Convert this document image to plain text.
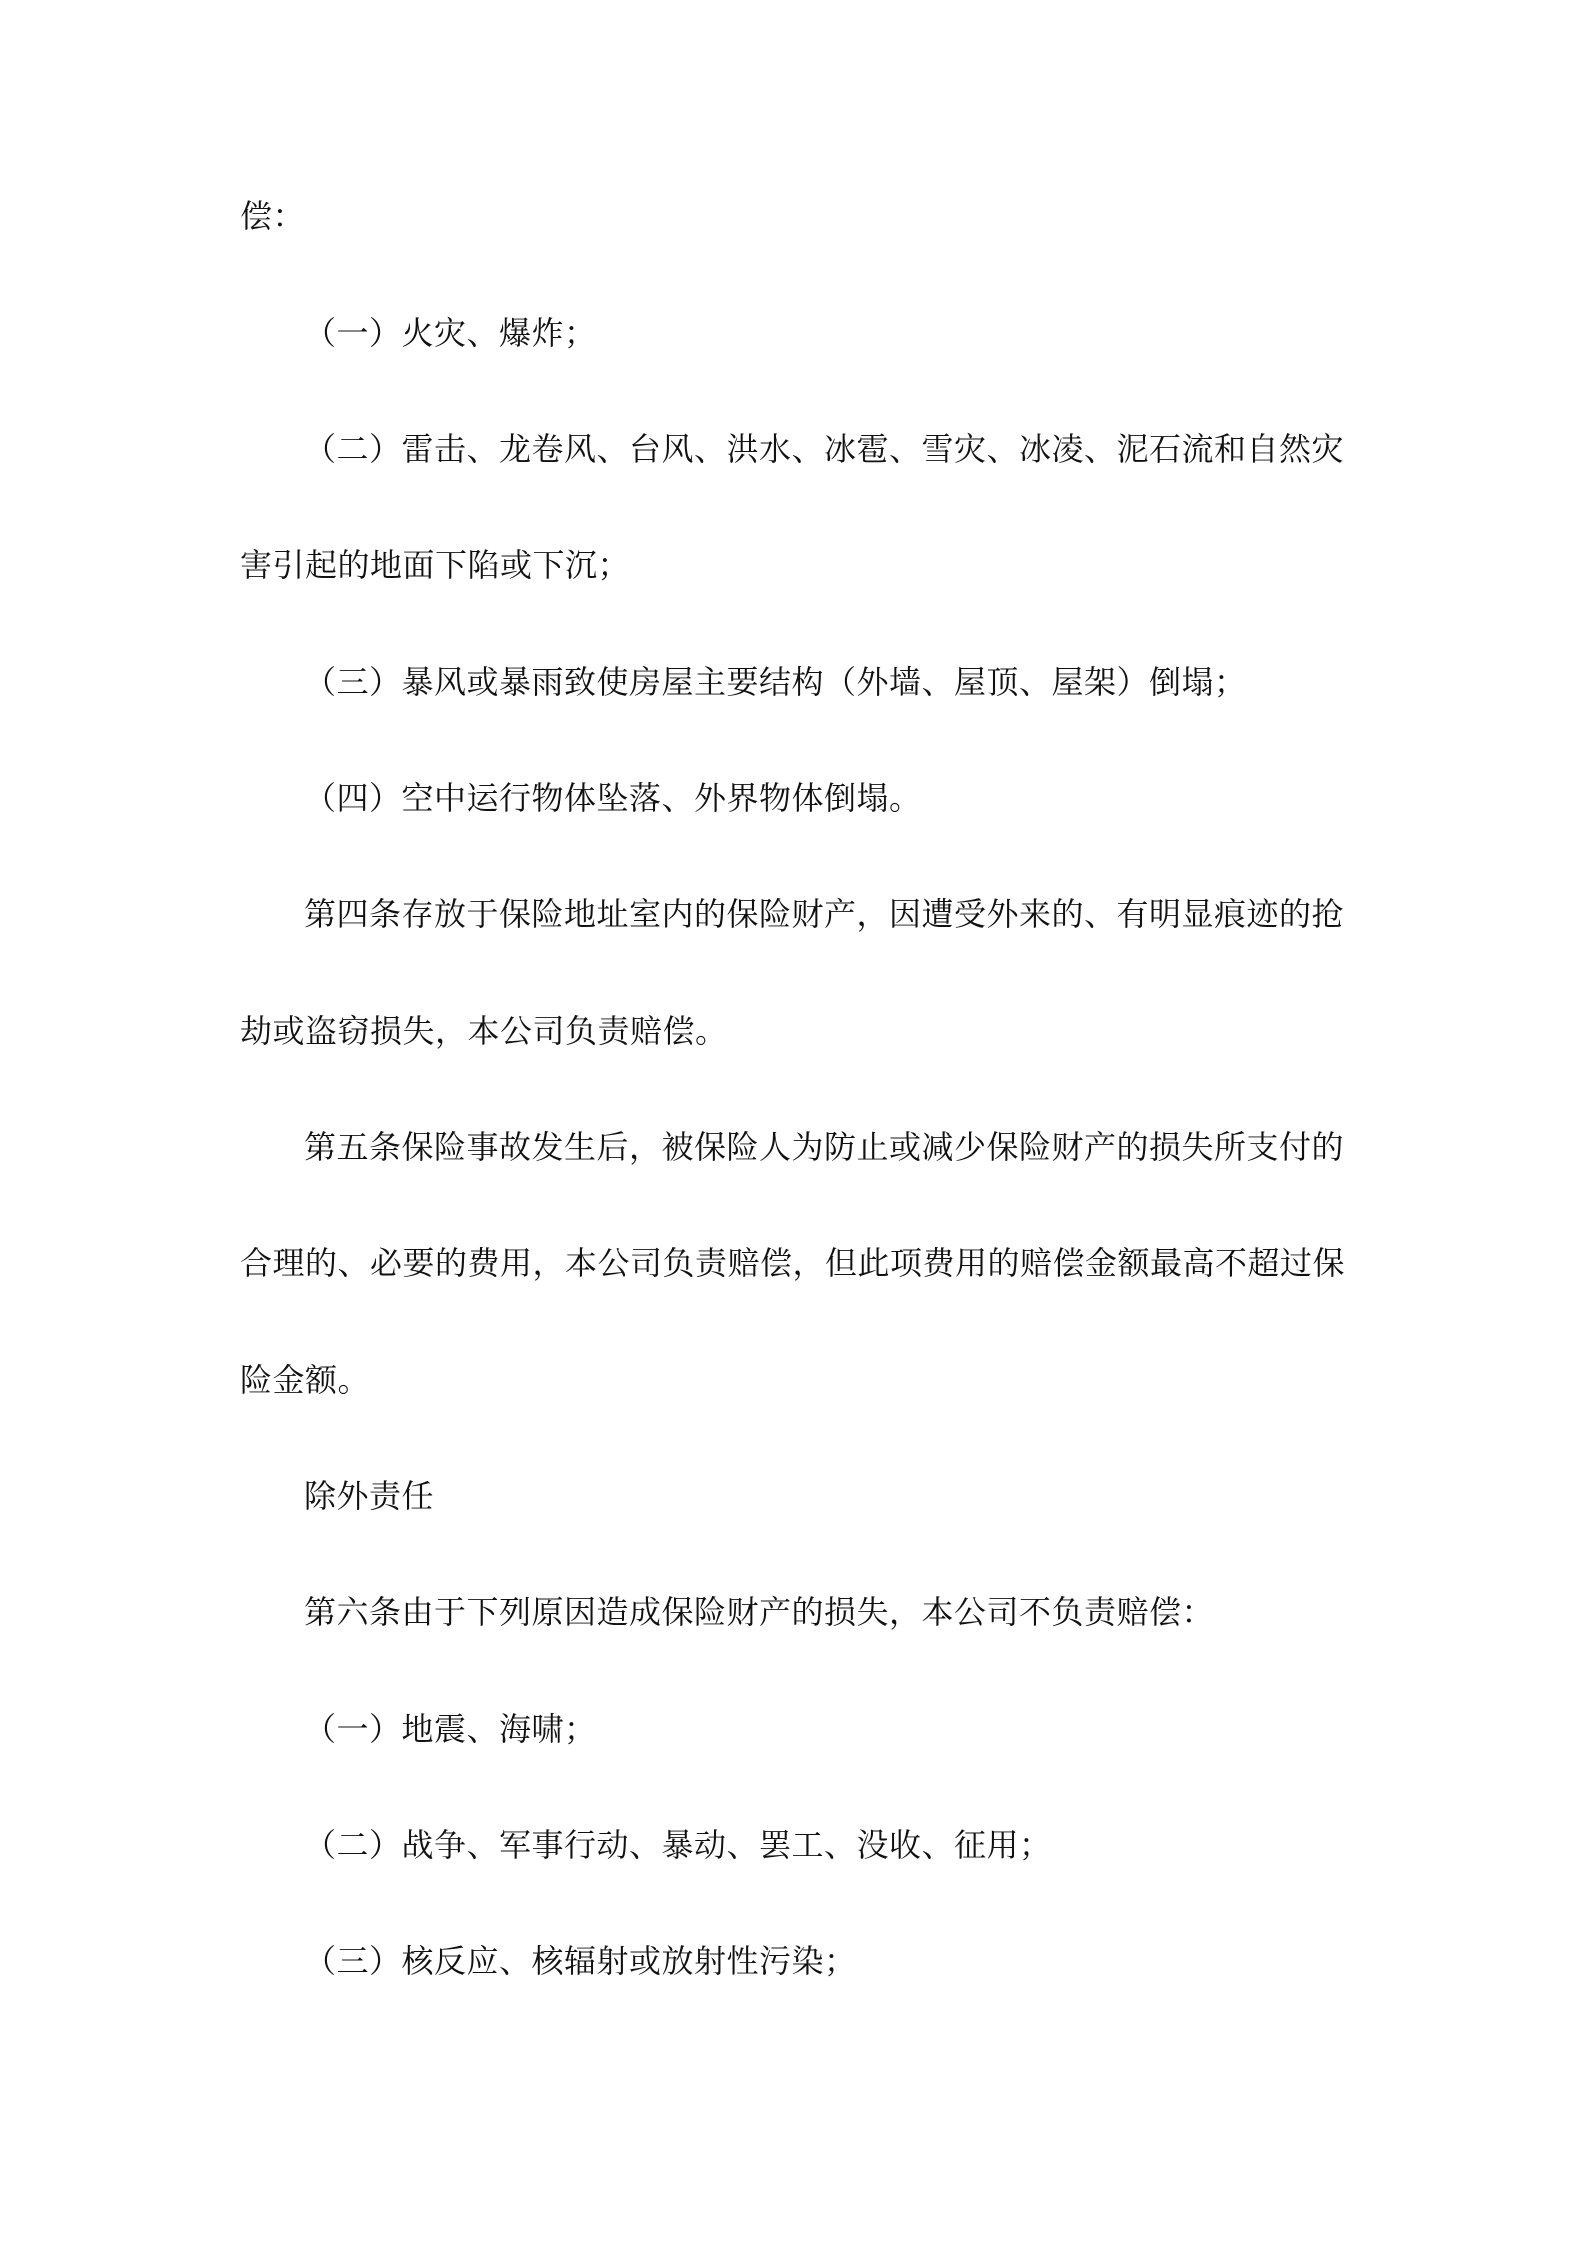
偿：
（一）火灾、爆炸；
（二）雷击、龙卷风、台风、洪水、冰雹、雪灾、冰凌、泥石流和自然灾
害引起的地面下陷或下沉；
（三）暴风或暴雨致使房屋主要结构（外墙、屋顶、屋架）倒塌；
（四）空中运行物体坠落、外界物体倒塌。
第四条存放于保险地址室内的保险财产，因遭受外来的、有明显痕迹的抢
劫或盗窃损失，本公司负责赔偿。
第五条保险事故发生后，被保险人为防止或减少保险财产的损失所支付的
合理的、必要的费用，本公司负责赔偿，但此项费用的赔偿金额最高不超过保
险金额。
除外责任
第六条由于下列原因造成保险财产的损失，本公司不负责赔偿：
（一）地震、海啸；
（二）战争、军事行动、暴动、罢工、没收、征用；
（三）核反应、核辐射或放射性污染；
